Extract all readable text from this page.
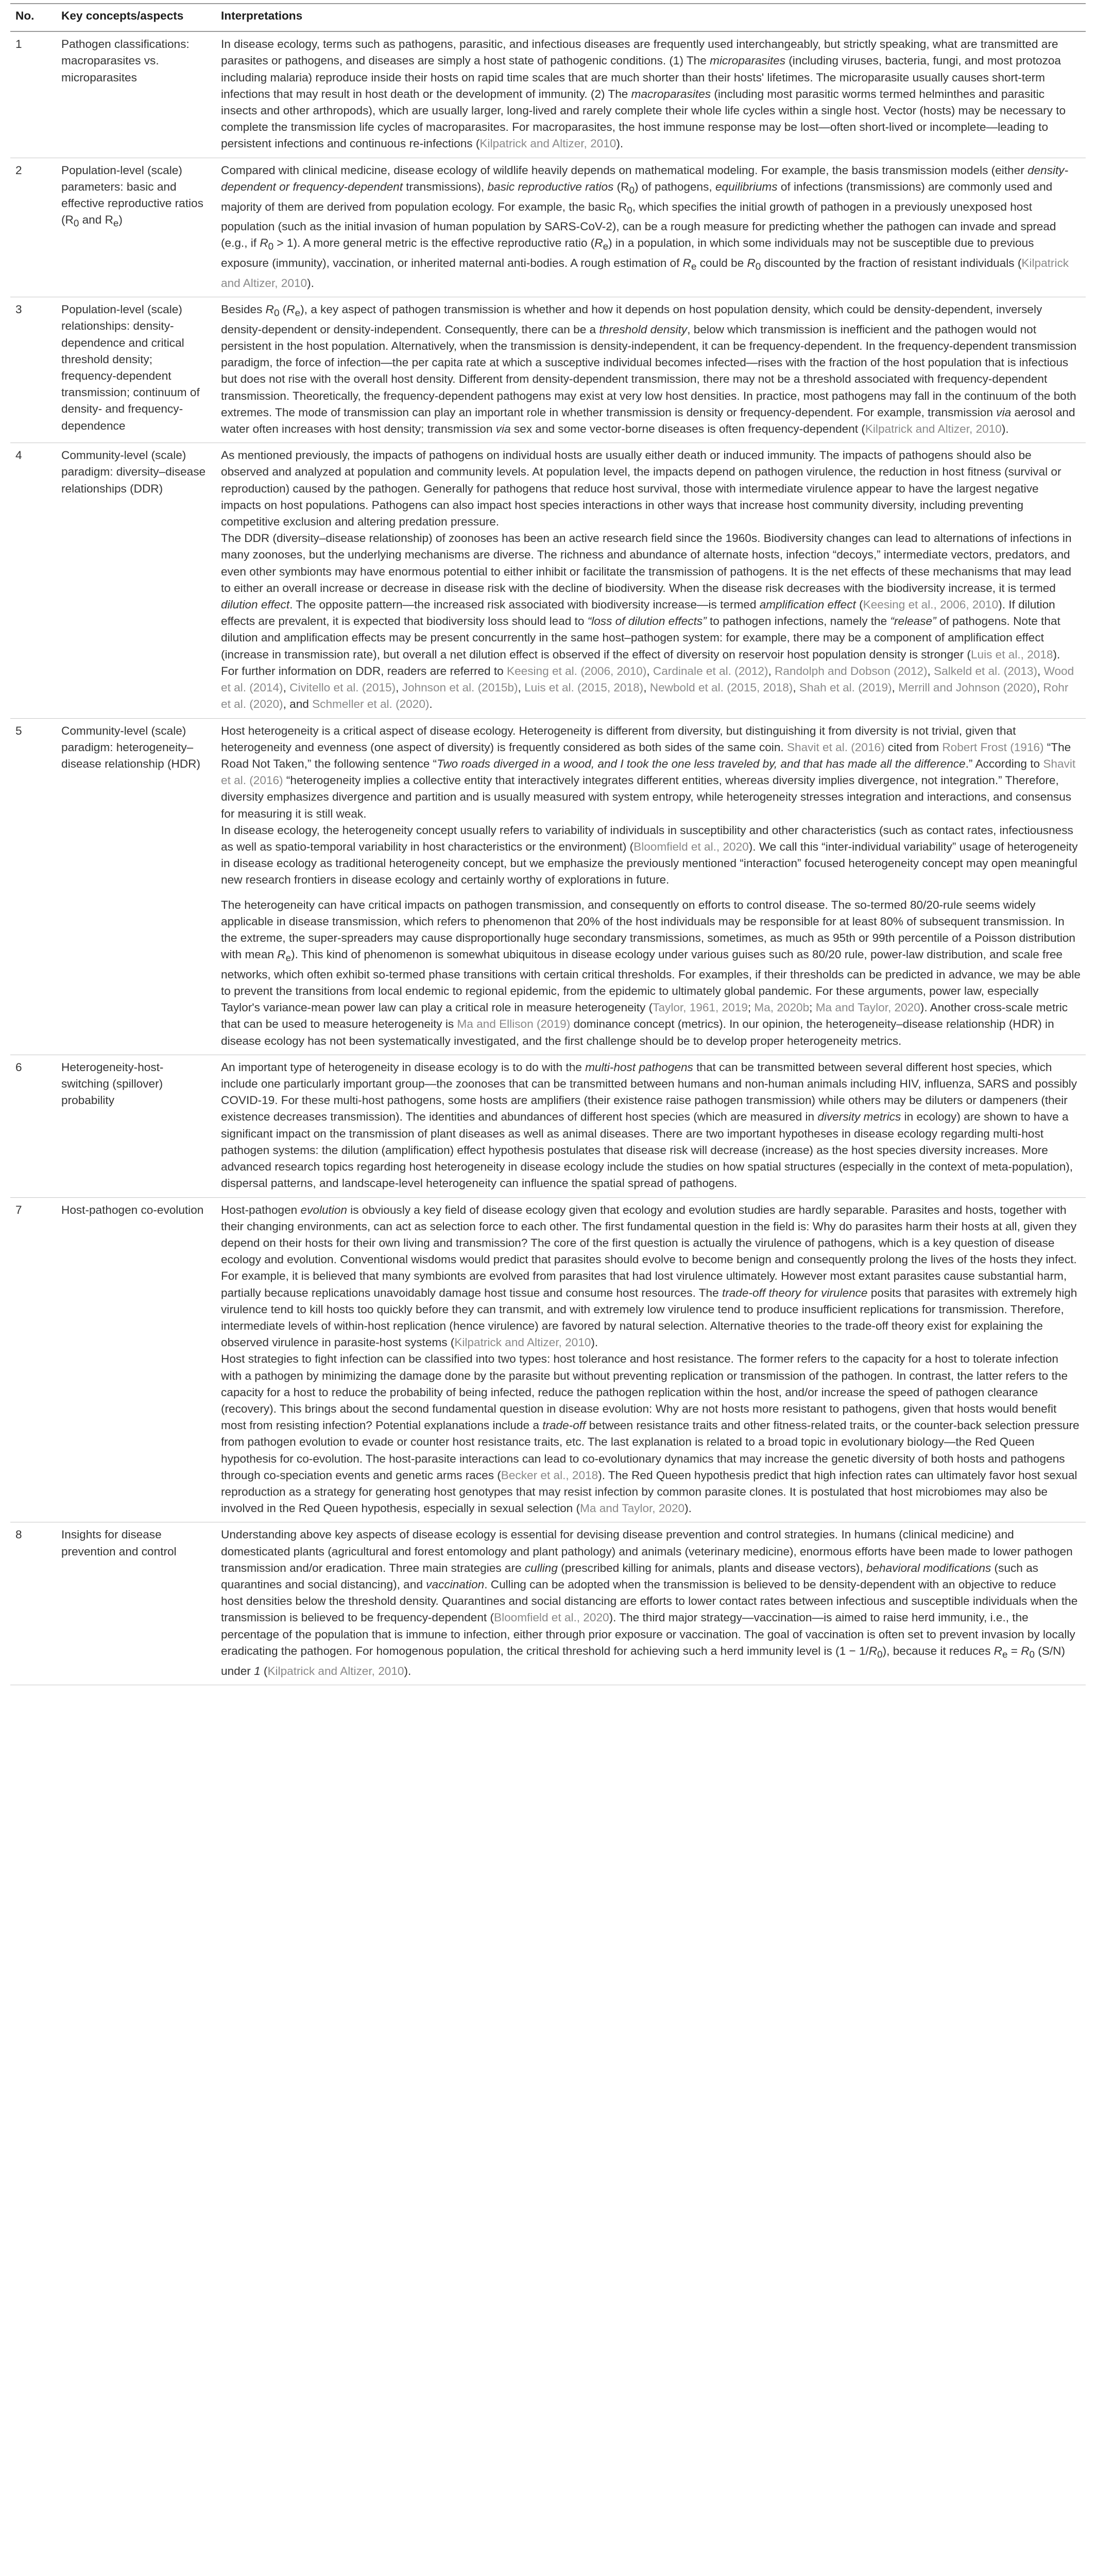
No.	Key concepts/aspects	Interpretations
1	Pathogen classifications: macroparasites vs. microparasites	In disease ecology, terms such as pathogens, parasitic, and infectious diseases are frequently used interchangeably, but strictly speaking, what are transmitted are parasites or pathogens, and diseases are simply a host state of pathogenic conditions. (1) The microparasites (including viruses, bacteria, fungi, and most protozoa including malaria) reproduce inside their hosts on rapid time scales that are much shorter than their hosts' lifetimes. The microparasite usually causes short-term infections that may result in host death or the development of immunity. (2) The macroparasites (including most parasitic worms termed helminthes and parasitic insects and other arthropods), which are usually larger, long-lived and rarely complete their whole life cycles within a single host. Vector (hosts) may be necessary to complete the transmission life cycles of macroparasites. For macroparasites, the host immune response may be lost—often short-lived or incomplete—leading to persistent infections and continuous re-infections (Kilpatrick and Altizer, 2010).

2	Population-level (scale) parameters: basic and effective reproductive ratios ($R_0$ and $R_e$)	Compared with clinical medicine, disease ecology of wildlife heavily depends on mathematical modeling. For example, the basis transmission models (either density-dependent or frequency-dependent transmissions), basic reproductive ratios $(R_0)$ of pathogens, equilibriums of infections (transmissions) are commonly used and majority of them are derived from population ecology. For example, the basic $R_0$, which specifies the initial growth of pathogen in a previously unexposed host population (such as the initial invasion of human population by SARS-CoV-2), can be a rough measure for predicting whether the pathogen can invade and spread (e.g., if $R_0 > 1$). A more general metric is the effective reproductive ratio $(R_e)$ in a population, in which some individuals may not be susceptible due to previous exposure (immunity), vaccination, or inherited maternal anti-bodies. A rough estimation of $R_e$ could be $R_0$ discounted by the fraction of resistant individuals (Kilpatrick and Altizer, 2010).

3	Population-level (scale) relationships: density-dependence and critical threshold density; frequency-dependent transmission; continuum of density- and frequency-dependence	Besides $R_0$ $(R_e)$, a key aspect of pathogen transmission is whether and how it depends on host population density, which could be density-dependent, inversely density-dependent or density-independent. Consequently, there can be a threshold density, below which transmission is inefficient and the pathogen would not persistent in the host population. Alternatively, when the transmission is density-independent, it can be frequency-dependent. In the frequency-dependent transmission paradigm, the force of infection—the per capita rate at which a susceptive individual becomes infected—rises with the fraction of the host population that is infectious but does not rise with the overall host density. Different from density-dependent transmission, there may not be a threshold associated with frequency-dependent transmission. Theoretically, the frequency-dependent pathogens may exist at very low host densities. In practice, most pathogens may fall in the continuum of the both extremes. The mode of transmission can play an important role in whether transmission is density or frequency-dependent. For example, transmission via aerosol and water often increases with host density; transmission via sex and some vector-borne diseases is often frequency-dependent (Kilpatrick and Altizer, 2010).

4	Community-level (scale) paradigm: diversity–disease relationships (DDR)	As mentioned previously, the impacts of pathogens on individual hosts are usually either death or induced immunity. The impacts of pathogens should also be observed and analyzed at population and community levels. At population level, the impacts depend on pathogen virulence, the reduction in host fitness (survival or reproduction) caused by the pathogen. Generally for pathogens that reduce host survival, those with intermediate virulence appear to have the largest negative impacts on host populations. Pathogens can also impact host species interactions in other ways that increase host community diversity, including preventing competitive exclusion and altering predation pressure.
The DDR (diversity–disease relationship) of zoonoses has been an active research field since the 1960s. Biodiversity changes can lead to alternations of infections in many zoonoses, but the underlying mechanisms are diverse. The richness and abundance of alternate hosts, infection “decoys,” intermediate vectors, predators, and even other symbionts may have enormous potential to either inhibit or facilitate the transmission of pathogens. It is the net effects of these mechanisms that may lead to either an overall increase or decrease in disease risk with the decline of biodiversity. When the disease risk decreases with the biodiversity increase, it is termed dilution effect. The opposite pattern—the increased risk associated with biodiversity increase—is termed amplification effect (Keesing et al., 2006, 2010). If dilution effects are prevalent, it is expected that biodiversity loss should lead to “loss of dilution effects” to pathogen infections, namely the “release” of pathogens. Note that dilution and amplification effects may be present concurrently in the same host–pathogen system: for example, there may be a component of amplification effect (increase in transmission rate), but overall a net dilution effect is observed if the effect of diversity on reservoir host population density is stronger (Luis et al., 2018). For further information on DDR, readers are referred to Keesing et al. (2006, 2010), Cardinale et al. (2012), Randolph and Dobson (2012), Salkeld et al. (2013), Wood et al. (2014), Civitello et al. (2015), Johnson et al. (2015b), Luis et al. (2015, 2018), Newbold et al. (2015, 2018), Shah et al. (2019), Merrill and Johnson (2020), Rohr et al. (2020), and Schmeller et al. (2020).

5	Community-level (scale) paradigm: heterogeneity–disease relationship (HDR)	Host heterogeneity is a critical aspect of disease ecology. Heterogeneity is different from diversity, but distinguishing it from diversity is not trivial, given that heterogeneity and evenness (one aspect of diversity) is frequently considered as both sides of the same coin. Shavit et al. (2016) cited from Robert Frost (1916) “The Road Not Taken,” the following sentence “Two roads diverged in a wood, and I took the one less traveled by, and that has made all the difference.” According to Shavit et al. (2016) “heterogeneity implies a collective entity that interactively integrates different entities, whereas diversity implies divergence, not integration.” Therefore, diversity emphasizes divergence and partition and is usually measured with system entropy, while heterogeneity stresses integration and interactions, and consensus for measuring it is still weak.
In disease ecology, the heterogeneity concept usually refers to variability of individuals in susceptibility and other characteristics (such as contact rates, infectiousness as well as spatio-temporal variability in host characteristics or the environment) (Bloomfield et al., 2020). We call this “inter-individual variability” usage of heterogeneity in disease ecology as traditional heterogeneity concept, but we emphasize the previously mentioned “interaction” focused heterogeneity concept may open meaningful new research frontiers in disease ecology and certainly worthy of explorations in future.
The heterogeneity can have critical impacts on pathogen transmission, and consequently on efforts to control disease. The so-termed 80/20-rule seems widely applicable in disease transmission, which refers to phenomenon that 20% of the host individuals may be responsible for at least 80% of subsequent transmission. In the extreme, the super-spreaders may cause disproportionally huge secondary transmissions, sometimes, as much as 95th or 99th percentile of a Poisson distribution with mean $R_e$). This kind of phenomenon is somewhat ubiquitous in disease ecology under various guises such as 80/20 rule, power-law distribution, and scale free networks, which often exhibit so-termed phase transitions with certain critical thresholds. For examples, if their thresholds can be predicted in advance, we may be able to prevent the transitions from local endemic to regional epidemic, from the epidemic to ultimately global pandemic. For these arguments, power law, especially Taylor's variance-mean power law can play a critical role in measure heterogeneity (Taylor, 1961, 2019; Ma, 2020b; Ma and Taylor, 2020). Another cross-scale metric that can be used to measure heterogeneity is Ma and Ellison (2019) dominance concept (metrics). In our opinion, the heterogeneity–disease relationship (HDR) in disease ecology has not been systematically investigated, and the first challenge should be to develop proper heterogeneity metrics.

6	Heterogeneity-host-switching (spillover) probability	An important type of heterogeneity in disease ecology is to do with the multi-host pathogens that can be transmitted between several different host species, which include one particularly important group—the zoonoses that can be transmitted between humans and non-human animals including HIV, influenza, SARS and possibly COVID-19. For these multi-host pathogens, some hosts are amplifiers (their existence raise pathogen transmission) while others may be diluters or dampeners (their existence decreases transmission). The identities and abundances of different host species (which are measured in diversity metrics in ecology) are shown to have a significant impact on the transmission of plant diseases as well as animal diseases. There are two important hypotheses in disease ecology regarding multi-host pathogen systems: the dilution (amplification) effect hypothesis postulates that disease risk will decrease (increase) as the host species diversity increases. More advanced research topics regarding host heterogeneity in disease ecology include the studies on how spatial structures (especially in the context of meta-population), dispersal patterns, and landscape-level heterogeneity can influence the spatial spread of pathogens.

7	Host-pathogen co-evolution	Host-pathogen evolution is obviously a key field of disease ecology given that ecology and evolution studies are hardly separable. Parasites and hosts, together with their changing environments, can act as selection force to each other. The first fundamental question in the field is: Why do parasites harm their hosts at all, given they depend on their hosts for their own living and transmission? The core of the first question is actually the virulence of pathogens, which is a key question of disease ecology and evolution. Conventional wisdoms would predict that parasites should evolve to become benign and consequently prolong the lives of the hosts they infect. For example, it is believed that many symbionts are evolved from parasites that had lost virulence ultimately. However most extant parasites cause substantial harm, partially because replications unavoidably damage host tissue and consume host resources. The trade-off theory for virulence posits that parasites with extremely high virulence tend to kill hosts too quickly before they can transmit, and with extremely low virulence tend to produce insufficient replications for transmission. Therefore, intermediate levels of within-host replication (hence virulence) are favored by natural selection. Alternative theories to the trade-off theory exist for explaining the observed virulence in parasite-host systems (Kilpatrick and Altizer, 2010).
Host strategies to fight infection can be classified into two types: host tolerance and host resistance. The former refers to the capacity for a host to tolerate infection with a pathogen by minimizing the damage done by the parasite but without preventing replication or transmission of the pathogen. In contrast, the latter refers to the capacity for a host to reduce the probability of being infected, reduce the pathogen replication within the host, and/or increase the speed of pathogen clearance (recovery). This brings about the second fundamental question in disease evolution: Why are not hosts more resistant to pathogens, given that hosts would benefit most from resisting infection? Potential explanations include a trade-off between resistance traits and other fitness-related traits, or the counter-back selection pressure from pathogen evolution to evade or counter host resistance traits, etc. The last explanation is related to a broad topic in evolutionary biology—the Red Queen hypothesis for co-evolution. The host-parasite interactions can lead to co-evolutionary dynamics that may increase the genetic diversity of both hosts and pathogens through co-speciation events and genetic arms races (Becker et al., 2018). The Red Queen hypothesis predict that high infection rates can ultimately favor host sexual reproduction as a strategy for generating host genotypes that may resist infection by common parasite clones. It is postulated that host microbiomes may also be involved in the Red Queen hypothesis, especially in sexual selection (Ma and Taylor, 2020).

8	Insights for disease prevention and control	Understanding above key aspects of disease ecology is essential for devising disease prevention and control strategies. In humans (clinical medicine) and domesticated plants (agricultural and forest entomology and plant pathology) and animals (veterinary medicine), enormous efforts have been made to lower pathogen transmission and/or eradication. Three main strategies are culling (prescribed killing for animals, plants and disease vectors), behavioral modifications (such as quarantines and social distancing), and vaccination. Culling can be adopted when the transmission is believed to be density-dependent with an objective to reduce host densities below the threshold density. Quarantines and social distancing are efforts to lower contact rates between infectious and susceptible individuals when the transmission is believed to be frequency-dependent (Bloomfield et al., 2020). The third major strategy—vaccination—is aimed to raise herd immunity, i.e., the percentage of the population that is immune to infection, either through prior exposure or vaccination. The goal of vaccination is often set to prevent invasion by locally eradicating the pathogen. For homogenous population, the critical threshold for achieving such a herd immunity level is $(1 - 1/R_0)$, because it reduces $R_e = R_0$ (S/N) under 1 (Kilpatrick and Altizer, 2010).
